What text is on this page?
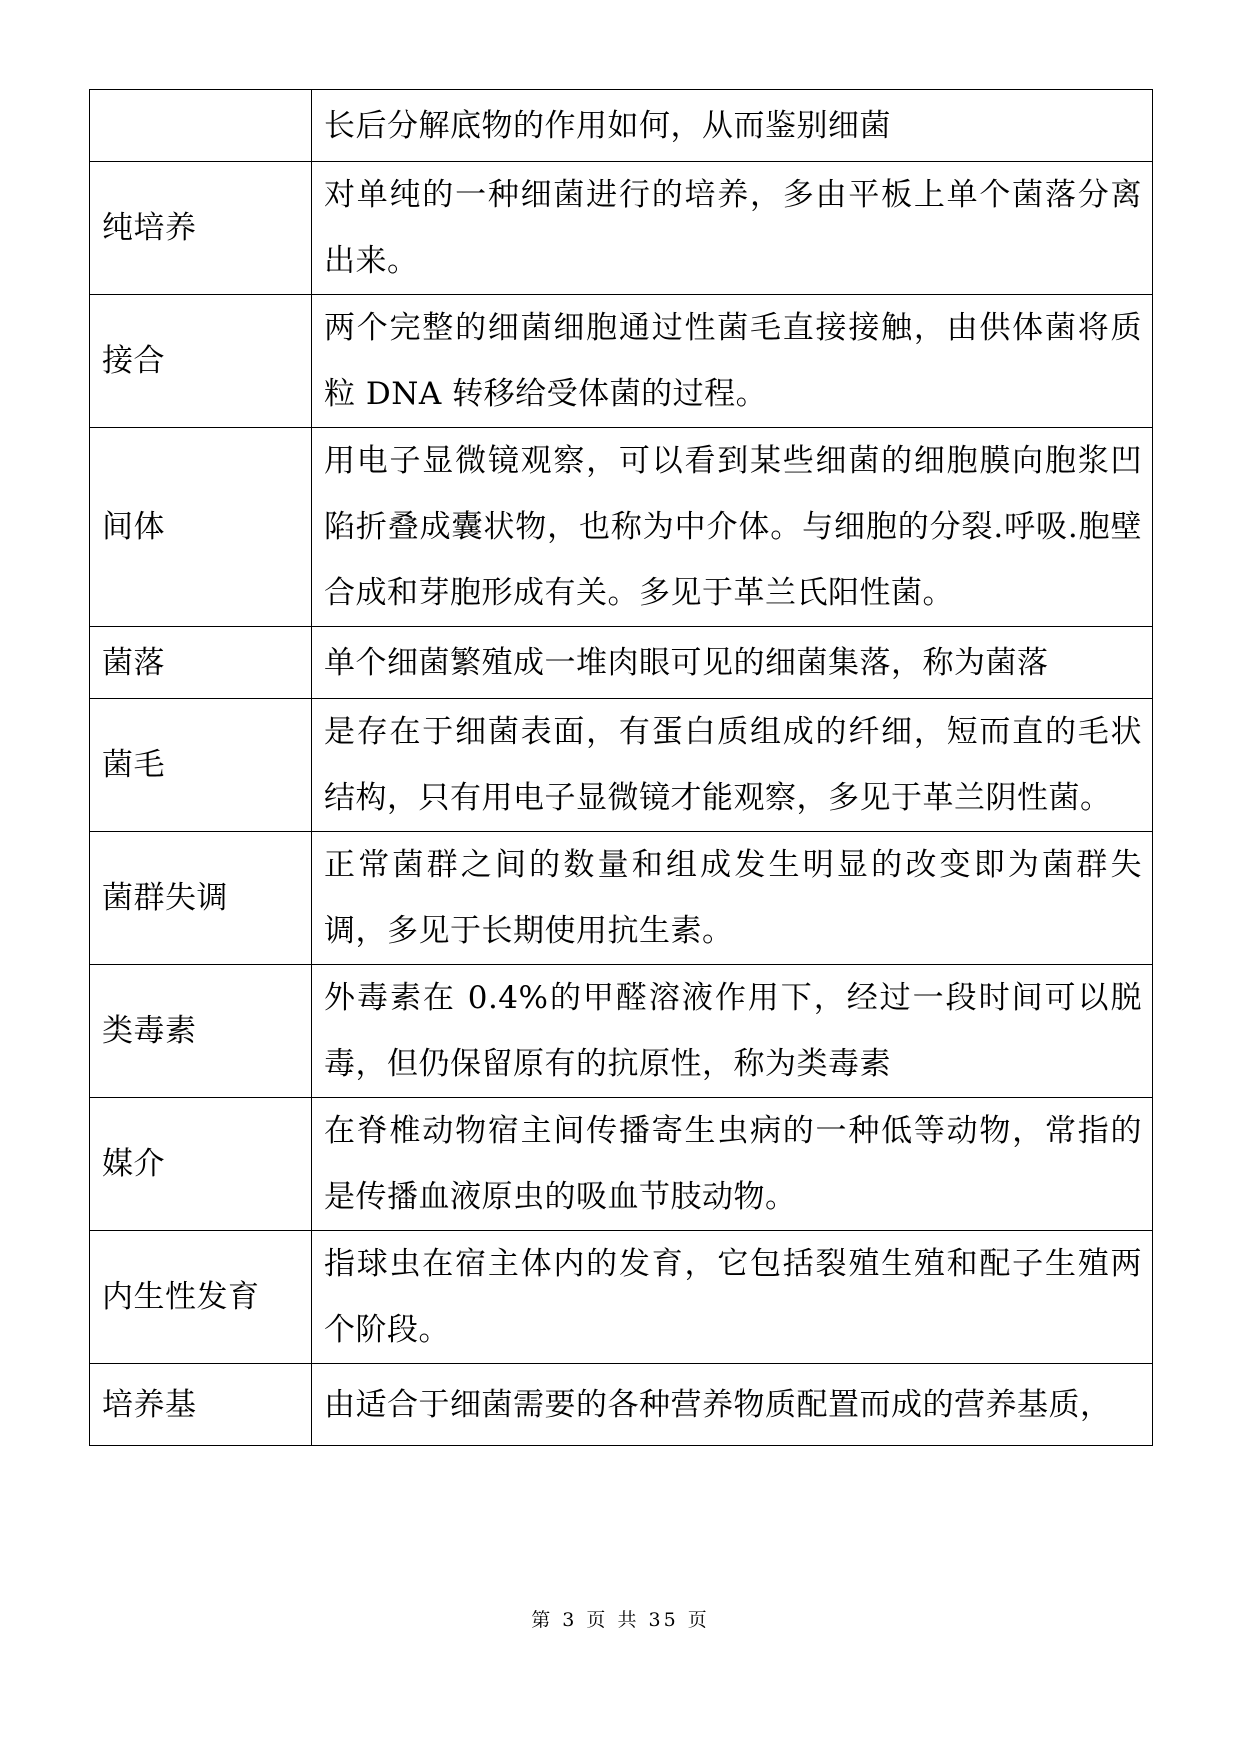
	长后分解底物的作用如何，从而鉴别细菌

纯培养	对单纯的一种细菌进行的培养，多由平板上单个菌落分离出来。

接合	两个完整的细菌细胞通过性菌毛直接接触，由供体菌将质粒 DNA 转移给受体菌的过程。

间体	用电子显微镜观察，可以看到某些细菌的细胞膜向胞浆凹陷折叠成囊状物，也称为中介体。与细胞的分裂.呼吸.胞壁合成和芽胞形成有关。多见于革兰氏阳性菌。

菌落	单个细菌繁殖成一堆肉眼可见的细菌集落，称为菌落

菌毛	是存在于细菌表面，有蛋白质组成的纤细，短而直的毛状结构，只有用电子显微镜才能观察，多见于革兰阴性菌。

菌群失调	正常菌群之间的数量和组成发生明显的改变即为菌群失调，多见于长期使用抗生素。

类毒素	外毒素在 0.4%的甲醛溶液作用下，经过一段时间可以脱毒，但仍保留原有的抗原性，称为类毒素

媒介	在脊椎动物宿主间传播寄生虫病的一种低等动物，常指的是传播血液原虫的吸血节肢动物。

内生性发育	指球虫在宿主体内的发育，它包括裂殖生殖和配子生殖两个阶段。

培养基	由适合于细菌需要的各种营养物质配置而成的营养基质，
第 3 页 共 35 页
